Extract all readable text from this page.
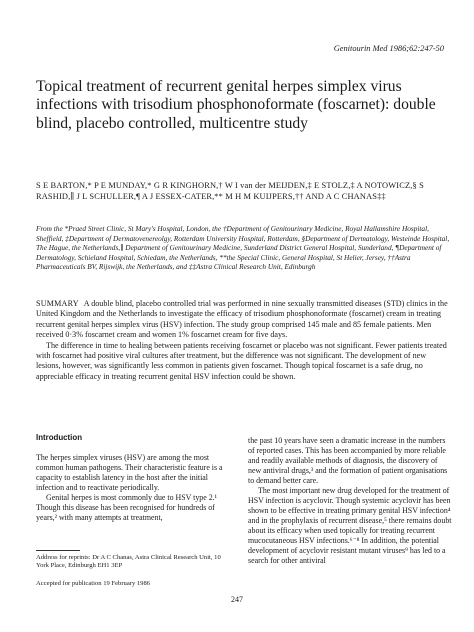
Genitourin Med 1986;62:247-50
Topical treatment of recurrent genital herpes simplex virus infections with trisodium phosphonoformate (foscarnet): double blind, placebo controlled, multicentre study
S E BARTON,* P E MUNDAY,* G R KINGHORN,† W I van der MEIJDEN,‡ E STOLZ,‡ A NOTOWICZ,§ S RASHID,∥ J L SCHULLER,¶ A J ESSEX-CATER,** M H M KUIJPERS,†† AND A C CHANAS‡‡
From the *Praed Street Clinic, St Mary's Hospital, London, the †Department of Genitourinary Medicine, Royal Hallamshire Hospital, Sheffield, ‡Department of Dermatovenereolgy, Rotterdam University Hospital, Rotterdam, §Department of Dermatology, Westeinde Hospital, The Hague, the Netherlands,∥ Department of Genitourinary Medicine, Sunderland District General Hospital, Sunderland, ¶Department of Dermatology, Schieland Hospital, Schiedam, the Netherlands, **the Special Clinic, General Hospital, St Helier, Jersey, ††Astra Pharmaceuticals BV, Rijswijk, the Netherlands, and ‡‡Astra Clinical Research Unit, Edinburgh

SUMMARY A double blind, placebo controlled trial was performed in nine sexually transmitted diseases (STD) clinics in the United Kingdom and the Netherlands to investigate the efficacy of trisodium phosphonoformate (foscarnet) cream in treating recurrent genital herpes simplex virus (HSV) infection. The study group comprised 145 male and 85 female patients. Men received 0·3% foscarnet cream and women 1% foscarnet cream for five days.

The difference in time to healing between patients receiving foscarnet or placebo was not significant. Fewer patients treated with foscarnet had positive viral cultures after treatment, but the difference was not significant. The development of new lesions, however, was significantly less common in patients given foscarnet. Though topical foscarnet is a safe drug, no appreciable efficacy in treating recurrent genital HSV infection could be shown.

Introduction

The herpes simplex viruses (HSV) are among the most common human pathogens. Their characteristic feature is a capacity to establish latency in the host after the initial infection and to reactivate periodically.

Genital herpes is most commonly due to HSV type 2.¹ Though this disease has been recognised for hundreds of years,² with many attempts at treatment,

Address for reprints: Dr A C Chanas, Astra Clinical Research Unit, 10 York Place, Edinburgh EH1 3EP
Accepted for publication 19 February 1986

the past 10 years have seen a dramatic increase in the numbers of reported cases. This has been accompanied by more reliable and readily available methods of diagnosis, the discovery of new antiviral drugs,³ and the formation of patient organisations to demand better care.

The most important new drug developed for the treatment of HSV infection is acyclovir. Though systemic acyclovir has been shown to be effective in treating primary genital HSV infection⁴ and in the prophylaxis of recurrent disease,⁵ there remains doubt about its efficacy when used topically for treating recurrent mucocutaneous HSV infections.⁶⁻⁸ In addition, the potential development of acyclovir resistant mutant viruses⁹ has led to a search for other antiviral

247
